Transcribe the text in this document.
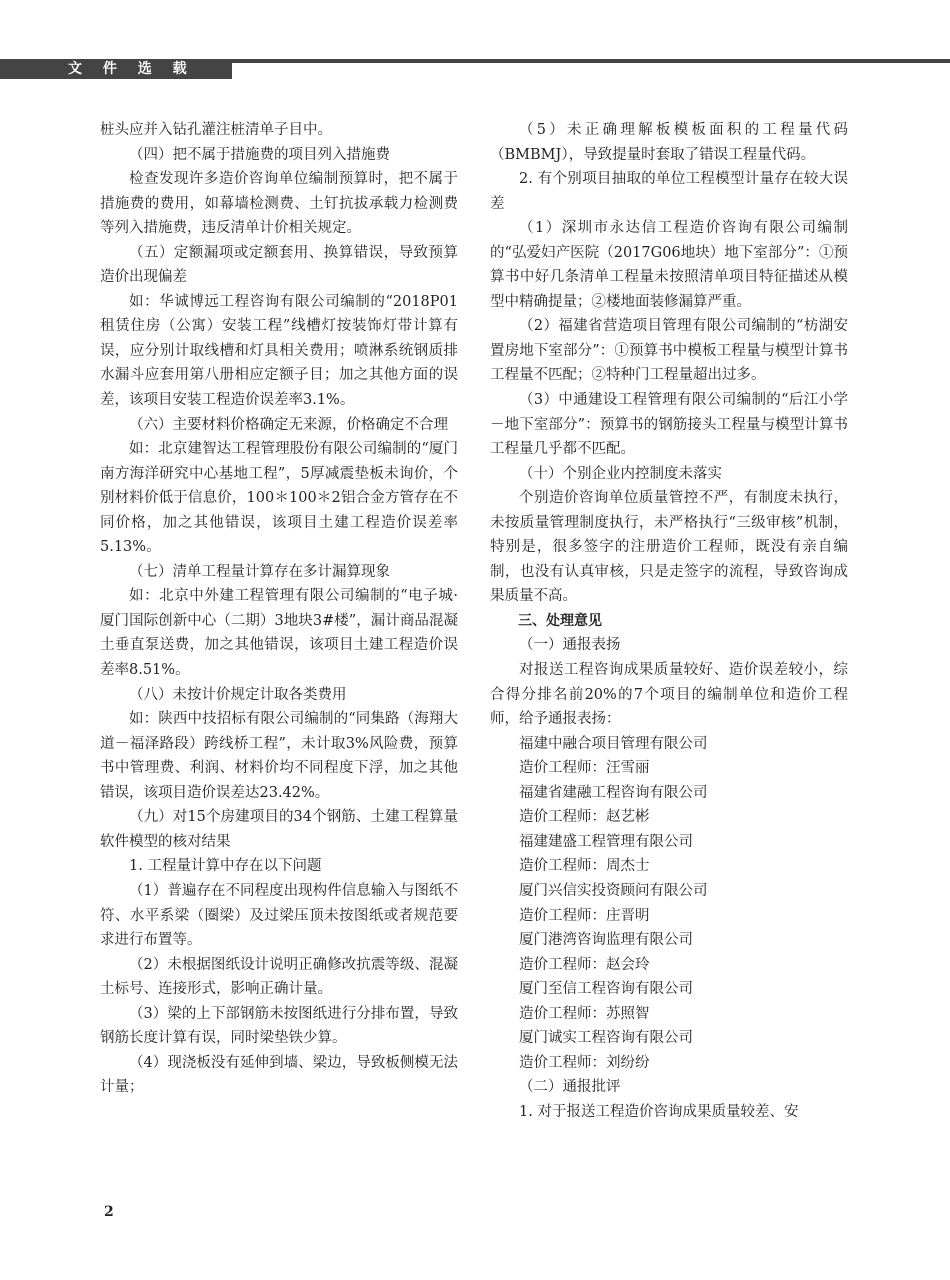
文 件 选 载

桩头应并入钻孔灌注桩清单子目中。

（四）把不属于措施费的项目列入措施费

检查发现许多造价咨询单位编制预算时，把不属于措施费的费用，如幕墙检测费、土钉抗拔承载力检测费等列入措施费，违反清单计价相关规定。

（五）定额漏项或定额套用、换算错误，导致预算造价出现偏差

如：华诚博远工程咨询有限公司编制的“2018P01租赁住房（公寓）安装工程”线槽灯按装饰灯带计算有误，应分别计取线槽和灯具相关费用；喷淋系统钢质排水漏斗应套用第八册相应定额子目；加之其他方面的误差，该项目安装工程造价误差率3.1%。

（六）主要材料价格确定无来源，价格确定不合理

如：北京建智达工程管理股份有限公司编制的“厦门南方海洋研究中心基地工程”，5厚减震垫板未询价，个别材料价低于信息价，100＊100＊2铝合金方管存在不同价格，加之其他错误，该项目土建工程造价误差率5.13%。

（七）清单工程量计算存在多计漏算现象

如：北京中外建工程管理有限公司编制的“电子城·厦门国际创新中心（二期）3地块3#楼”，漏计商品混凝土垂直泵送费，加之其他错误，该项目土建工程造价误差率8.51%。

（八）未按计价规定计取各类费用

如：陕西中技招标有限公司编制的“同集路（海翔大道－福泽路段）跨线桥工程”，未计取3%风险费，预算书中管理费、利润、材料价均不同程度下浮，加之其他错误，该项目造价误差达23.42%。

（九）对15个房建项目的34个钢筋、土建工程算量软件模型的核对结果

1. 工程量计算中存在以下问题

（1）普遍存在不同程度出现构件信息输入与图纸不符、水平系梁（圈梁）及过梁压顶未按图纸或者规范要求进行布置等。

（2）未根据图纸设计说明正确修改抗震等级、混凝土标号、连接形式，影响正确计量。

（3）梁的上下部钢筋未按图纸进行分排布置，导致钢筋长度计算有误，同时梁垫铁少算。

（4）现浇板没有延伸到墙、梁边，导致板侧模无法计量；

（5）未正确理解板模板面积的工程量代码（BMBMJ），导致提量时套取了错误工程量代码。

2. 有个别项目抽取的单位工程模型计量存在较大误差

（1）深圳市永达信工程造价咨询有限公司编制的“弘爱妇产医院（2017G06地块）地下室部分”：①预算书中好几条清单工程量未按照清单项目特征描述从模型中精确提量；②楼地面装修漏算严重。

（2）福建省营造项目管理有限公司编制的“枋湖安置房地下室部分”：①预算书中模板工程量与模型计算书工程量不匹配；②特种门工程量超出过多。

（3）中通建设工程管理有限公司编制的“后江小学－地下室部分”：预算书的钢筋接头工程量与模型计算书工程量几乎都不匹配。

（十）个别企业内控制度未落实

个别造价咨询单位质量管控不严，有制度未执行，未按质量管理制度执行，未严格执行“三级审核”机制，特别是，很多签字的注册造价工程师，既没有亲自编制，也没有认真审核，只是走签字的流程，导致咨询成果质量不高。

三、处理意见

（一）通报表扬

对报送工程咨询成果质量较好、造价误差较小，综合得分排名前20%的7个项目的编制单位和造价工程师，给予通报表扬：

福建中融合项目管理有限公司

造价工程师：汪雪丽

福建省建融工程咨询有限公司

造价工程师：赵艺彬

福建建盛工程管理有限公司

造价工程师：周杰士

厦门兴信实投资顾问有限公司

造价工程师：庄晋明

厦门港湾咨询监理有限公司

造价工程师：赵会玲

厦门至信工程咨询有限公司

造价工程师：苏照智

厦门诚实工程咨询有限公司

造价工程师：刘纷纷

（二）通报批评

1. 对于报送工程造价咨询成果质量较差、安

2
